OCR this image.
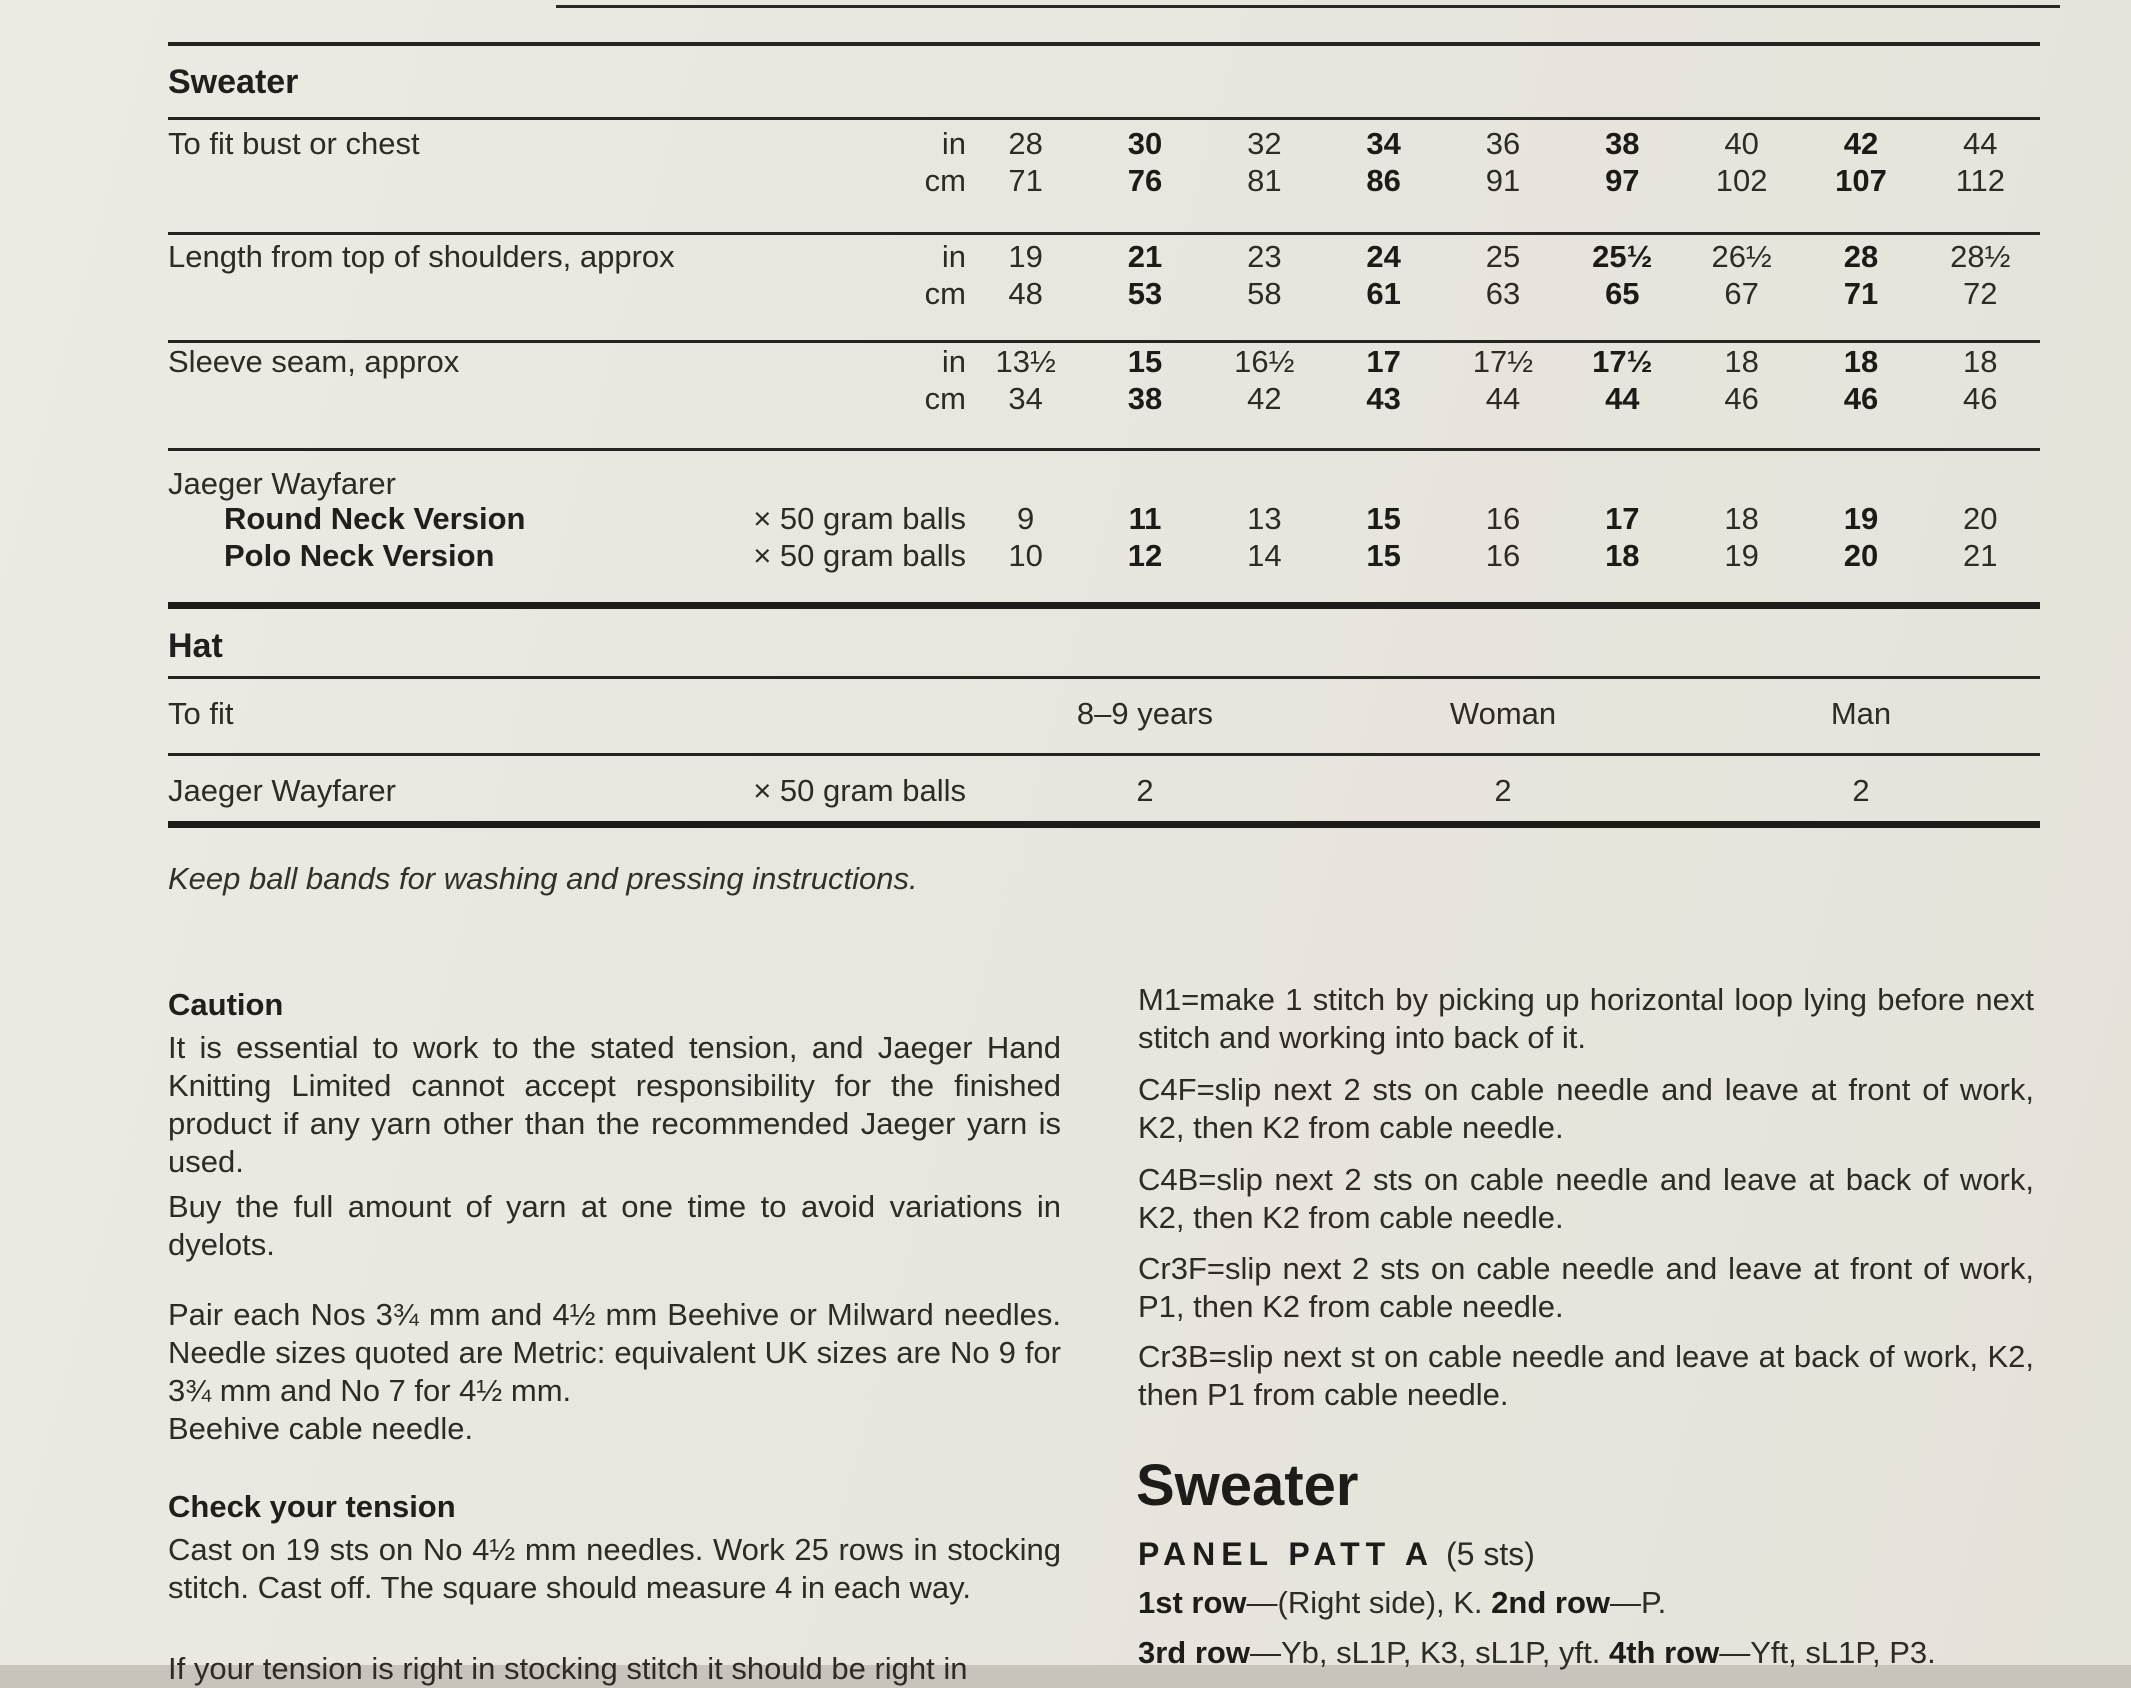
Sweater
To fit bust or chest	in	28	30	32	34	36	38	40	42	44
cm	71	76	81	86	91	97	102	107	112
Length from top of shoulders, approx	in	19	21	23	24	25	25½	26½	28	28½
cm	48	53	58	61	63	65	67	71	72
Sleeve seam, approx	in 13½	15	16½	17	17½	17½	18	18	18
cm	34	38	42	43	44	44	46	46	46
Jaeger Wayfarer
Round Neck Version	× 50 gram balls	9	11	13	15	16	17	18	19	20
Polo Neck Version	× 50 gram balls	10	12	14	15	16	18	19	20	21
Hat
To fit	8–9 years	Woman	Man
Jaeger Wayfarer	× 50 gram balls	2	2	2
Keep ball bands for washing and pressing instructions.
Caution
It is essential to work to the stated tension, and Jaeger Hand Knitting Limited cannot accept responsibility for the finished product if any yarn other than the recommended Jaeger yarn is used.
Buy the full amount of yarn at one time to avoid variations in dyelots.
Pair each Nos 3¾ mm and 4½ mm Beehive or Milward needles. Needle sizes quoted are Metric: equivalent UK sizes are No 9 for 3¾ mm and No 7 for 4½ mm.
Beehive cable needle.
Check your tension
Cast on 19 sts on No 4½ mm needles. Work 25 rows in stocking stitch. Cast off. The square should measure 4 in each way.
If your tension is right in stocking stitch it should be right in
M1=make 1 stitch by picking up horizontal loop lying before next stitch and working into back of it.
C4F=slip next 2 sts on cable needle and leave at front of work, K2, then K2 from cable needle.
C4B=slip next 2 sts on cable needle and leave at back of work, K2, then K2 from cable needle.
Cr3F=slip next 2 sts on cable needle and leave at front of work, P1, then K2 from cable needle.
Cr3B=slip next st on cable needle and leave at back of work, K2, then P1 from cable needle.
Sweater
PANEL PATT A (5 sts)
1st row—(Right side), K. 2nd row—P.
3rd row—Yb, sL1P, K3, sL1P, yft. 4th row—Yft, sL1P, P3.
